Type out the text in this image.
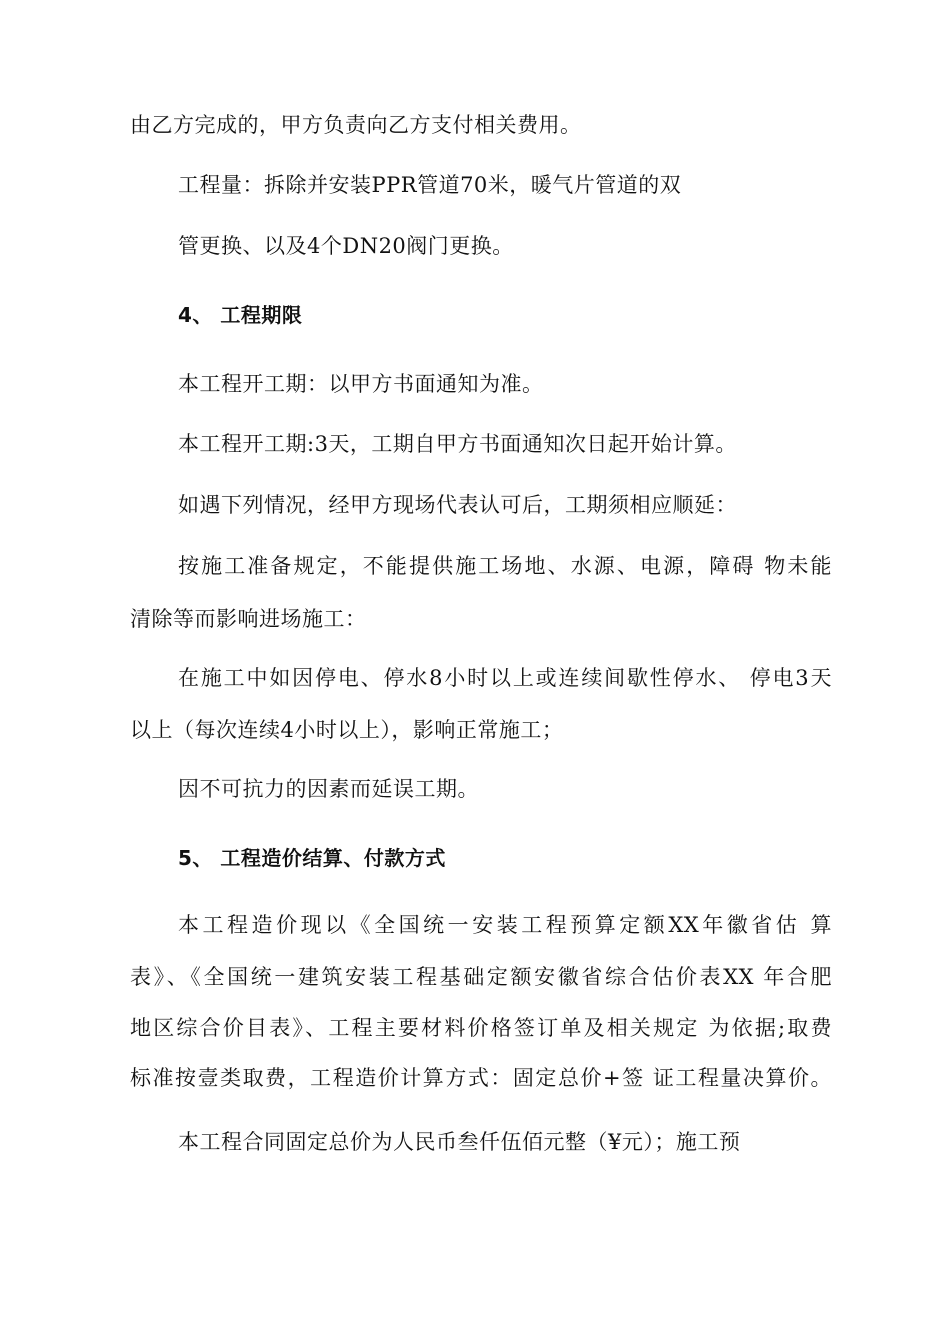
由乙方完成的，甲方负责向乙方支付相关费用。
工程量：拆除并安装PPR管道70米，暖气片管道的双
管更换、以及4个DN20阀门更换。
4、 工程期限
本工程开工期：以甲方书面通知为准。
本工程开工期:3天，工期自甲方书面通知次日起开始计算。
如遇下列情况，经甲方现场代表认可后，工期须相应顺延：
按施工准备规定，不能提供施工场地、水源、电源，障碍 物未能
清除等而影响进场施工：
在施工中如因停电、停水8小时以上或连续间歇性停水、 停电3天
以上（每次连续4小时以上），影响正常施工；
因不可抗力的因素而延误工期。
5、 工程造价结算、付款方式
本工程造价现以《全国统一安装工程预算定额XX年徽省估 算
表》、《全国统一建筑安装工程基础定额安徽省综合估价表XX 年合肥
地区综合价目表》、工程主要材料价格签订单及相关规定 为依据;取费
标准按壹类取费，工程造价计算方式：固定总价+签 证工程量决算价。
本工程合同固定总价为人民币叁仟伍佰元整（¥元）；施工预
